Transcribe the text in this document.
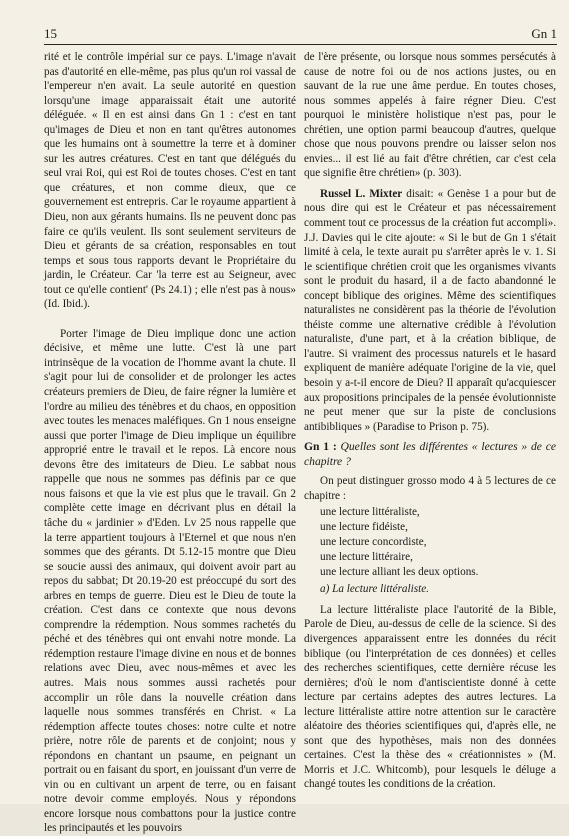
15	Gn 1

rité et le contrôle impérial sur ce pays. L'image n'avait pas d'autorité en elle-même, pas plus qu'un roi vassal de l'empereur n'en avait. La seule autorité en question lorsqu'une image apparaissait était une autorité déléguée. « Il en est ainsi dans Gn 1 : c'est en tant qu'images de Dieu et non en tant qu'êtres autonomes que les humains ont à soumettre la terre et à dominer sur les autres créatures. C'est en tant que délégués du seul vrai Roi, qui est Roi de toutes choses. C'est en tant que créatures, et non comme dieux, que ce gouvernement est entrepris. Car le royaume appartient à Dieu, non aux gérants humains. Ils ne peuvent donc pas faire ce qu'ils veulent. Ils sont seulement serviteurs de Dieu et gérants de sa création, responsables en tout temps et sous tous rapports devant le Propriétaire du jardin, le Créateur. Car 'la terre est au Seigneur, avec tout ce qu'elle contient' (Ps 24.1) ; elle n'est pas à nous» (Id. Ibid.).

Porter l'image de Dieu implique donc une action décisive, et même une lutte. C'est là une part intrinsèque de la vocation de l'homme avant la chute. Il s'agit pour lui de consolider et de prolonger les actes créateurs premiers de Dieu, de faire régner la lumière et l'ordre au milieu des ténèbres et du chaos, en opposition avec toutes les menaces maléfiques. Gn 1 nous enseigne aussi que porter l'image de Dieu implique un équilibre approprié entre le travail et le repos. Là encore nous devons être des imitateurs de Dieu. Le sabbat nous rappelle que nous ne sommes pas définis par ce que nous faisons et que la vie est plus que le travail. Gn 2 complète cette image en décrivant plus en détail la tâche du « jardinier » d'Eden. Lv 25 nous rappelle que la terre appartient toujours à l'Eternel et que nous n'en sommes que des gérants. Dt 5.12-15 montre que Dieu se soucie aussi des animaux, qui doivent avoir part au repos du sabbat; Dt 20.19-20 est préoccupé du sort des arbres en temps de guerre. Dieu est le Dieu de toute la création. C'est dans ce contexte que nous devons comprendre la rédemption. Nous sommes rachetés du péché et des ténèbres qui ont envahi notre monde. La rédemption restaure l'image divine en nous et de bonnes relations avec Dieu, avec nous-mêmes et avec les autres. Mais nous sommes aussi rachetés pour accomplir un rôle dans la nouvelle création dans laquelle nous sommes transférés en Christ. « La rédemption affecte toutes choses: notre culte et notre prière, notre rôle de parents et de conjoint; nous y répondons en chantant un psaume, en peignant un portrait ou en faisant du sport, en jouissant d'un verre de vin ou en cultivant un arpent de terre, ou en faisant notre devoir comme employés. Nous y répondons encore lorsque nous combattons pour la justice contre les principautés et les pouvoirs

de l'ère présente, ou lorsque nous sommes persécutés à cause de notre foi ou de nos actions justes, ou en sauvant de la rue une âme perdue. En toutes choses, nous sommes appelés à faire régner Dieu. C'est pourquoi le ministère holistique n'est pas, pour le chrétien, une option parmi beaucoup d'autres, quelque chose que nous pouvons prendre ou laisser selon nos envies... il est lié au fait d'être chrétien, car c'est cela que signifie être chrétien» (p. 303).

Russel L. Mixter disait: « Genèse 1 a pour but de nous dire qui est le Créateur et pas nécessairement comment tout ce processus de la création fut accompli». J.J. Davies qui le cite ajoute: « Si le but de Gn 1 s'était limité à cela, le texte aurait pu s'arrêter après le v. 1. Si le scientifique chrétien croit que les organismes vivants sont le produit du hasard, il a de facto abandonné le concept biblique des origines. Même des scientifiques naturalistes ne considèrent pas la théorie de l'évolution théiste comme une alternative crédible à l'évolution naturaliste, d'une part, et à la création biblique, de l'autre. Si vraiment des processus naturels et le hasard expliquent de manière adéquate l'origine de la vie, quel besoin y a-t-il encore de Dieu? Il apparaît qu'acquiescer aux propositions principales de la pensée évolutionniste ne peut mener que sur la piste de conclusions antibibliques » (Paradise to Prison p. 75).

Gn 1 : Quelles sont les différentes « lectures » de ce chapitre ?

On peut distinguer grosso modo 4 à 5 lectures de ce chapitre :

une lecture littéraliste,
une lecture fidéiste,
une lecture concordiste,
une lecture littéraire,
une lecture alliant les deux options.

a) La lecture littéraliste.

La lecture littéraliste place l'autorité de la Bible, Parole de Dieu, au-dessus de celle de la science. Si des divergences apparaissent entre les données du récit biblique (ou l'interprétation de ces données) et celles des recherches scientifiques, cette dernière récuse les dernières; d'où le nom d'antiscientiste donné à cette lecture par certains adeptes des autres lectures. La lecture littéraliste attire notre attention sur le caractère aléatoire des théories scientifiques qui, d'après elle, ne sont que des hypothèses, mais non des données certaines. C'est la thèse des « créationnistes » (M. Morris et J.C. Whitcomb), pour lesquels le déluge a changé toutes les conditions de la création.
